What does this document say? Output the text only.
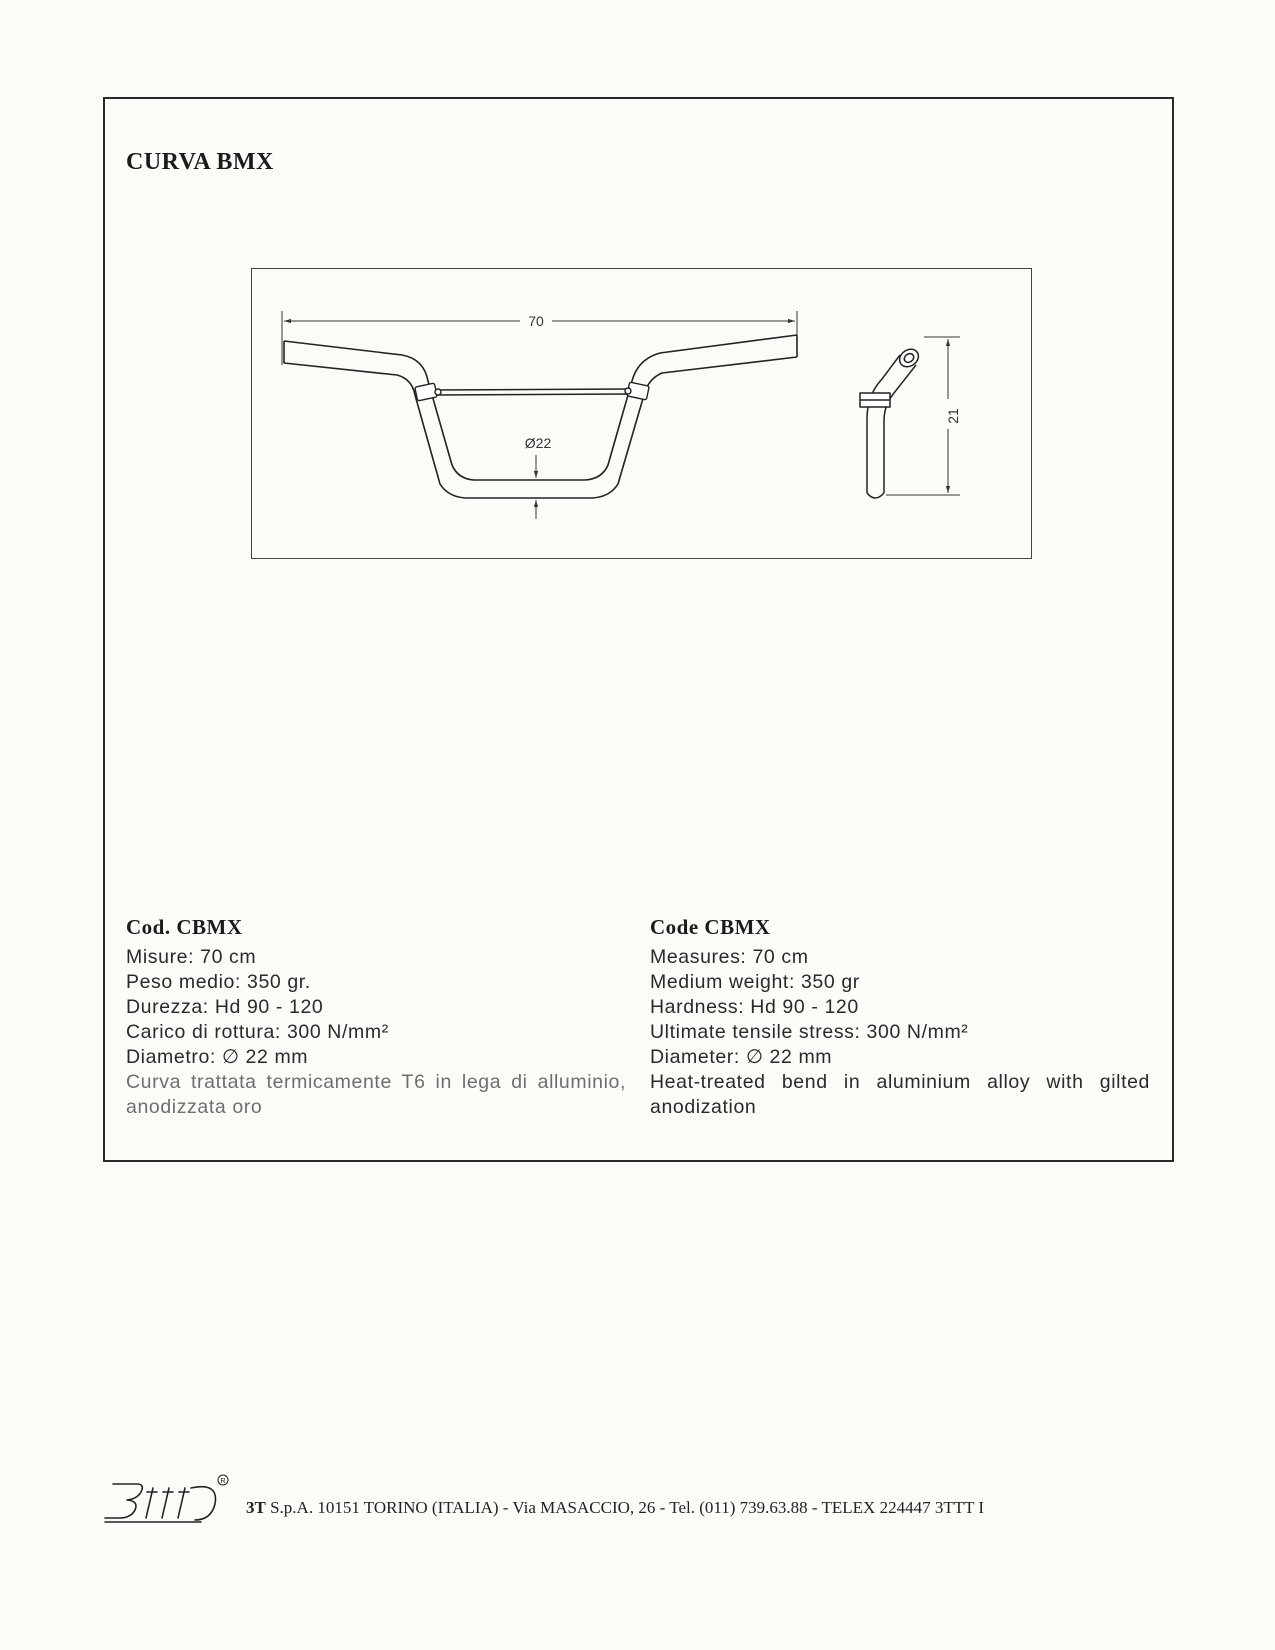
CURVA BMX
70
Ø22
21
Cod. CBMX

Misure: 70 cm

Peso medio: 350 gr.

Durezza: Hd 90 - 120

Carico di rottura: 300 N/mm²

Diametro: ∅ 22 mm

Curva trattata termicamente T6 in lega di alluminio, anodizzata oro

Code CBMX

Measures: 70 cm

Medium weight: 350 gr

Hardness: Hd 90 - 120

Ultimate tensile stress: 300 N/mm²

Diameter: ∅ 22 mm

Heat-treated bend in aluminium alloy with gilted anodization

R

3T S.p.A. 10151 TORINO (ITALIA) - Via MASACCIO, 26 - Tel. (011) 739.63.88 - TELEX 224447 3TTT I
